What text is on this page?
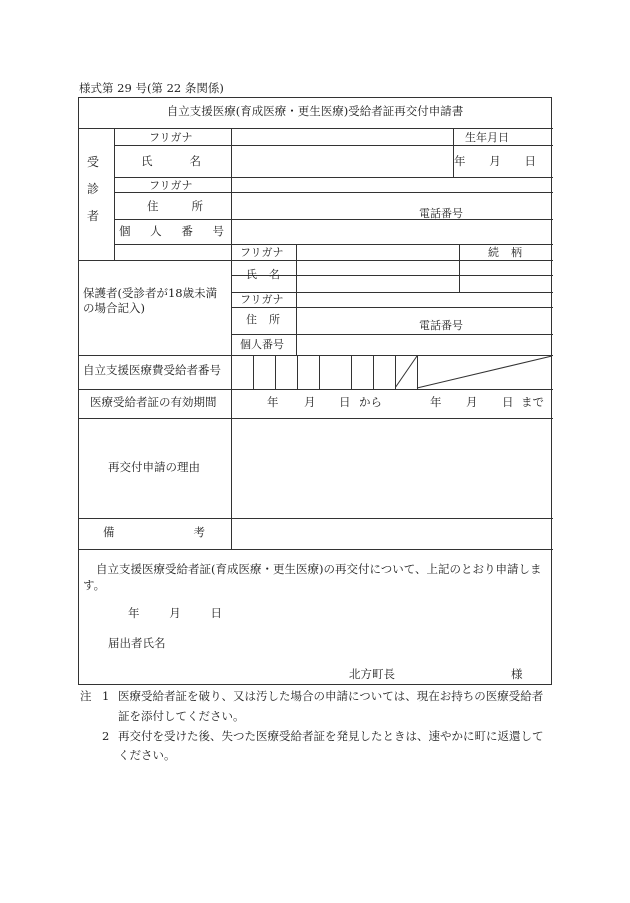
様式第 29 号(第 22 条関係)
自立支援医療(育成医療・更生医療)受給者証再交付申請書
受
診
者
フリガナ	生年月日
氏	名	年 月 日
フリガナ
住	所
電話番号
個 人 番 号
保護者(受診者が18歳未満
の場合記入)
フリガナ	続 柄
氏 名
フリガナ
住 所	電話番号
個人番号
自立支援医療費受給者番号
医療受給者証の有効期間	年 月 日 から	年 月 日 まで
再交付申請の理由
備	考
自立支援医療受給者証(育成医療・更生医療)の再交付について、上記のとおり申請しま
す。
年	月	日
届出者氏名
北方町長	様
注 1 医療受給者証を破り、又は汚した場合の申請については、現在お持ちの医療受給者
証を添付してください。
2 再交付を受けた後、失つた医療受給者証を発見したときは、速やかに町に返還して
ください。
